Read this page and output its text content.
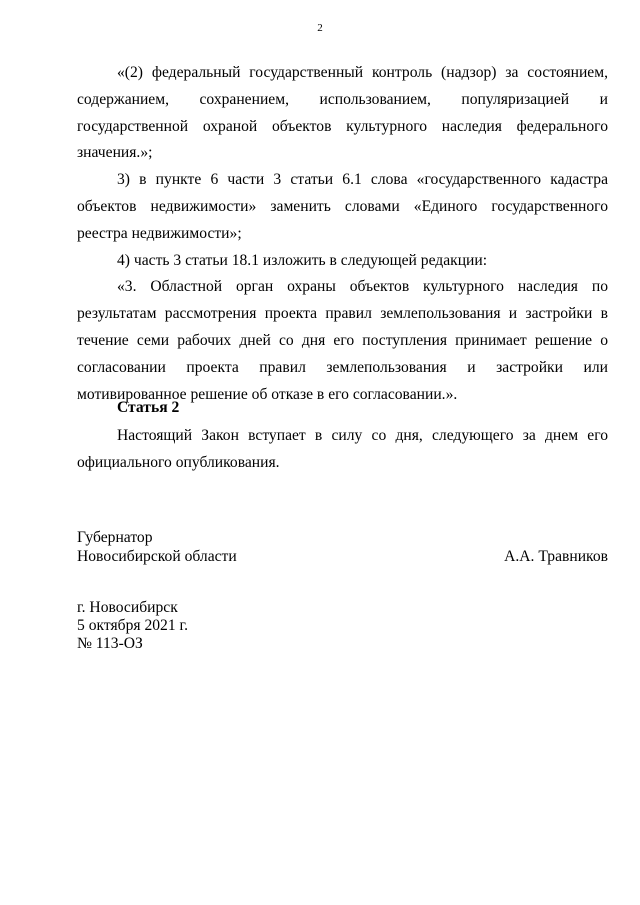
2

«(2) федеральный государственный контроль (надзор) за состоянием, содержанием, сохранением, использованием, популяризацией и государственной охраной объектов культурного наследия федерального значения.»;

3) в пункте 6 части 3 статьи 6.1 слова «государственного кадастра объектов недвижимости» заменить словами «Единого государственного реестра недвижимости»;

4) часть 3 статьи 18.1 изложить в следующей редакции:

«3. Областной орган охраны объектов культурного наследия по результатам рассмотрения проекта правил землепользования и застройки в течение семи рабочих дней со дня его поступления принимает решение о согласовании проекта правил землепользования и застройки или мотивированное решение об отказе в его согласовании.».

Статья 2

Настоящий Закон вступает в силу со дня, следующего за днем его официального опубликования.

Губернатор
Новосибирской области	А.А. Травников
г. Новосибирск
5 октября 2021 г.
№ 113-ОЗ
